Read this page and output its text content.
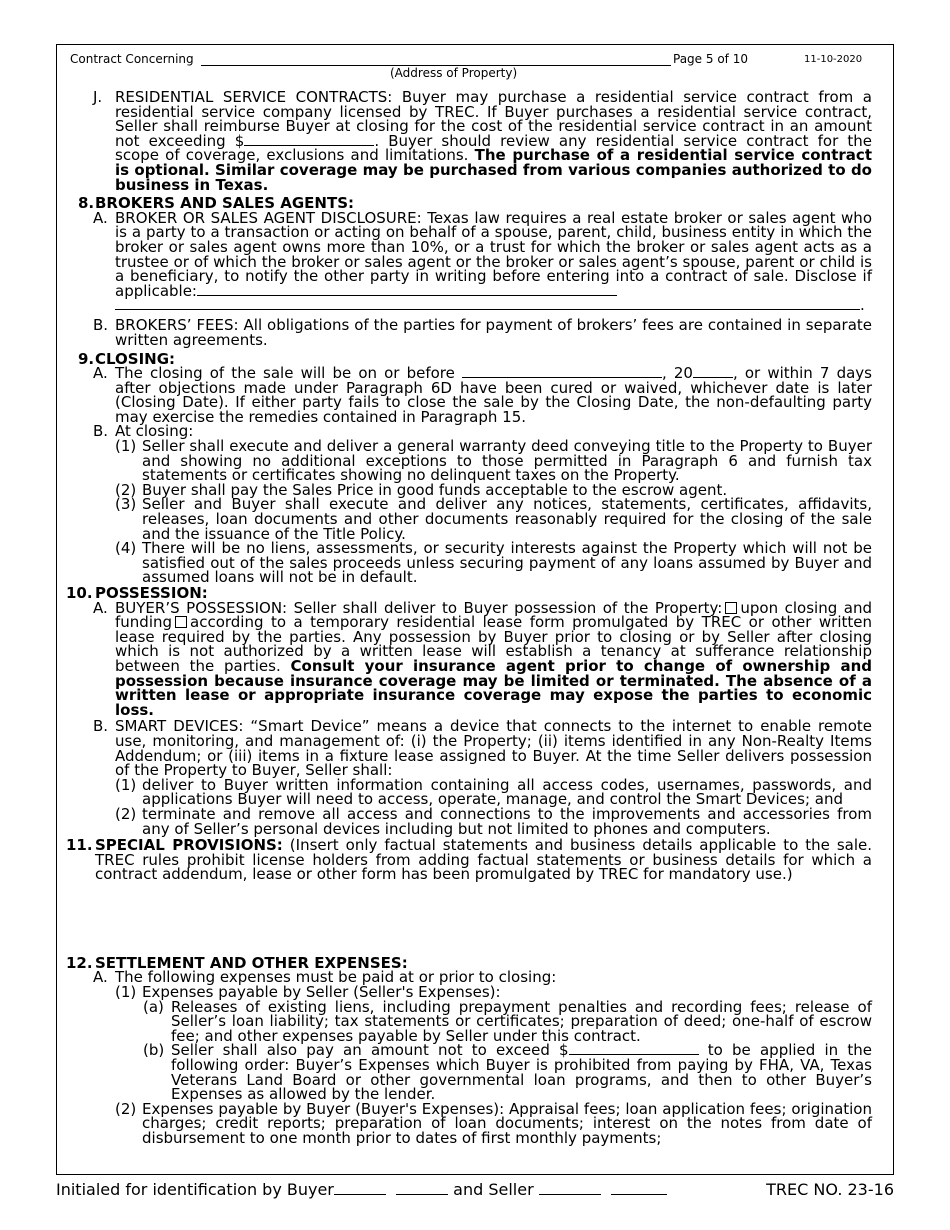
Contract Concerning	Page 5 of 10	11-10-2020
(Address of Property)
J. RESIDENTIAL SERVICE CONTRACTS: Buyer may purchase a residential service contract from a residential service company licensed by TREC. If Buyer purchases a residential service contract, Seller shall reimburse Buyer at closing for the cost of the residential service contract in an amount not exceeding $	. Buyer should review any residential service contract for the scope of coverage, exclusions and limitations. The purchase of a residential service contract is optional. Similar coverage may be purchased from various companies authorized to do business in Texas.
8. BROKERS AND SALES AGENTS:
A. BROKER OR SALES AGENT DISCLOSURE: Texas law requires a real estate broker or sales agent who is a party to a transaction or acting on behalf of a spouse, parent, child, business entity in which the broker or sales agent owns more than 10%, or a trust for which the broker or sales agent acts as a trustee or of which the broker or sales agent or the broker or sales agent’s spouse, parent or child is a beneficiary, to notify the other party in writing before entering into a contract of sale. Disclose if applicable:
.
B. BROKERS’ FEES: All obligations of the parties for payment of brokers’ fees are contained in separate written agreements.
9. CLOSING:
A. The closing of the sale will be on or before	, 20	, or within 7 days after objections made under Paragraph 6D have been cured or waived, whichever date is later (Closing Date). If either party fails to close the sale by the Closing Date, the non-defaulting party may exercise the remedies contained in Paragraph 15.
B. At closing:
(1) Seller shall execute and deliver a general warranty deed conveying title to the Property to Buyer and showing no additional exceptions to those permitted in Paragraph 6 and furnish tax statements or certificates showing no delinquent taxes on the Property.
(2) Buyer shall pay the Sales Price in good funds acceptable to the escrow agent.
(3) Seller and Buyer shall execute and deliver any notices, statements, certificates, affidavits, releases, loan documents and other documents reasonably required for the closing of the sale and the issuance of the Title Policy.
(4) There will be no liens, assessments, or security interests against the Property which will not be satisfied out of the sales proceeds unless securing payment of any loans assumed by Buyer and assumed loans will not be in default.
10. POSSESSION:
A. BUYER’S POSSESSION: Seller shall deliver to Buyer possession of the Property: upon closing and funding according to a temporary residential lease form promulgated by TREC or other written lease required by the parties. Any possession by Buyer prior to closing or by Seller after closing which is not authorized by a written lease will establish a tenancy at sufferance relationship between the parties. Consult your insurance agent prior to change of ownership and possession because insurance coverage may be limited or terminated. The absence of a written lease or appropriate insurance coverage may expose the parties to economic loss.
B. SMART DEVICES: “Smart Device” means a device that connects to the internet to enable remote use, monitoring, and management of: (i) the Property; (ii) items identified in any Non-Realty Items Addendum; or (iii) items in a fixture lease assigned to Buyer. At the time Seller delivers possession of the Property to Buyer, Seller shall:
(1) deliver to Buyer written information containing all access codes, usernames, passwords, and applications Buyer will need to access, operate, manage, and control the Smart Devices; and
(2) terminate and remove all access and connections to the improvements and accessories from any of Seller’s personal devices including but not limited to phones and computers.
11. SPECIAL PROVISIONS: (Insert only factual statements and business details applicable to the sale. TREC rules prohibit license holders from adding factual statements or business details for which a contract addendum, lease or other form has been promulgated by TREC for mandatory use.)
12. SETTLEMENT AND OTHER EXPENSES:
A. The following expenses must be paid at or prior to closing:
(1) Expenses payable by Seller (Seller's Expenses):
(a) Releases of existing liens, including prepayment penalties and recording fees; release of Seller’s loan liability; tax statements or certificates; preparation of deed; one-half of escrow fee; and other expenses payable by Seller under this contract.
(b) Seller shall also pay an amount not to exceed $	to be applied in the following order: Buyer’s Expenses which Buyer is prohibited from paying by FHA, VA, Texas Veterans Land Board or other governmental loan programs, and then to other Buyer’s Expenses as allowed by the lender.
(2) Expenses payable by Buyer (Buyer's Expenses): Appraisal fees; loan application fees; origination charges; credit reports; preparation of loan documents; interest on the notes from date of disbursement to one month prior to dates of first monthly payments;
Initialed for identification by Buyer	and Seller	TREC NO. 23-16
